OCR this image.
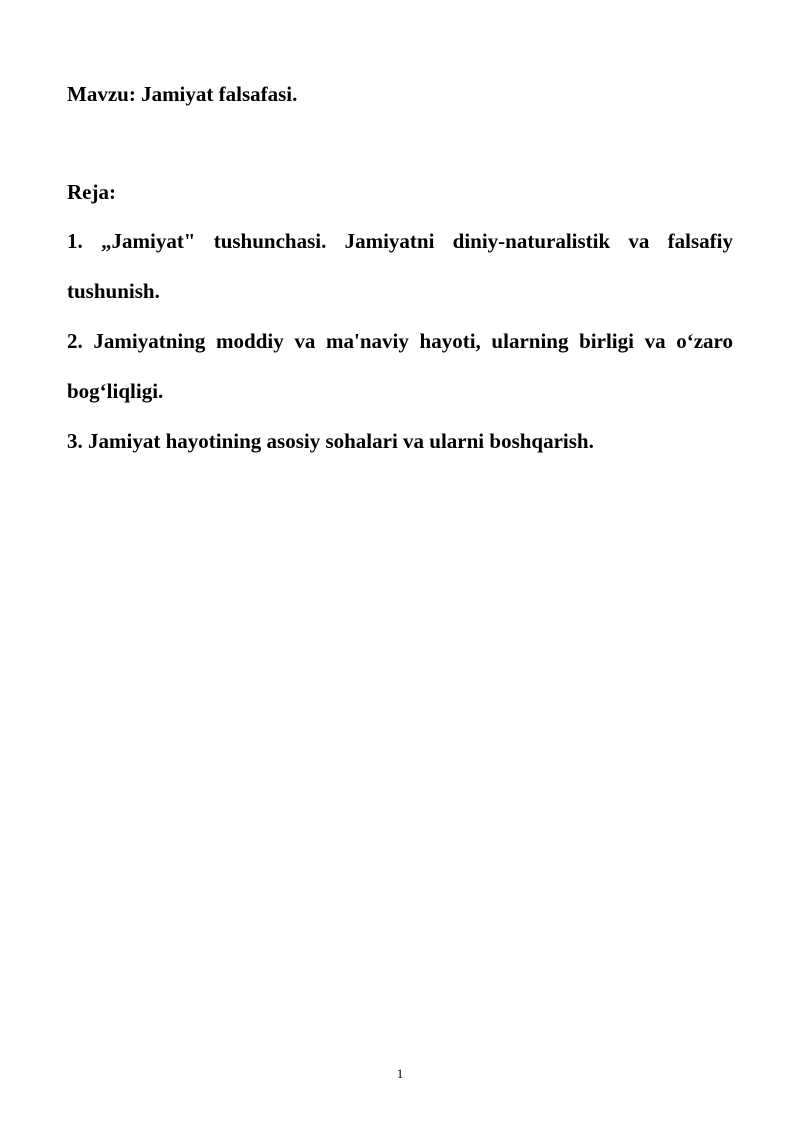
Mavzu: Jamiyat falsafasi.

Reja:

1. „Jamiyat" tushunchasi. Jamiyatni diniy-naturalistik va falsafiy tushunish.
2. Jamiyatning moddiy va ma'naviy hayoti, ularning birligi va o‘zaro bog‘liqligi.
3. Jamiyat hayotining asosiy sohalari va ularni boshqarish.
1
